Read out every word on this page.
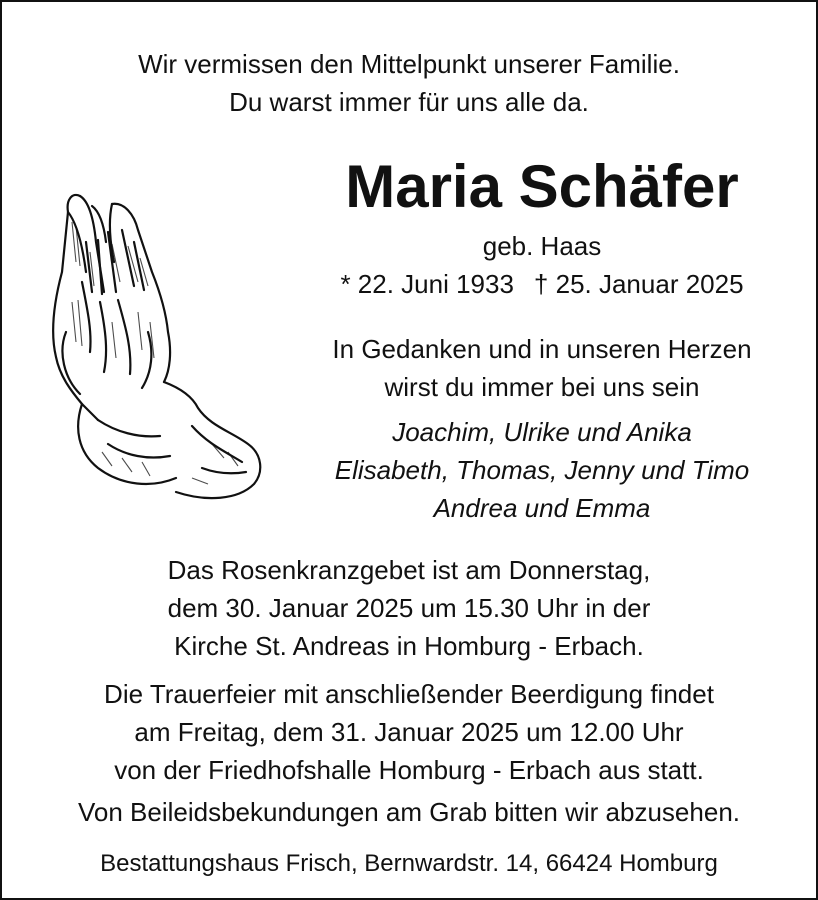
Wir vermissen den Mittelpunkt unserer Familie.
Du warst immer für uns alle da.
Maria Schäfer
geb. Haas
* 22. Juni 1933 † 25. Januar 2025
In Gedanken und in unseren Herzen
wirst du immer bei uns sein
Joachim, Ulrike und Anika
Elisabeth, Thomas, Jenny und Timo
Andrea und Emma
Das Rosenkranzgebet ist am Donnerstag,
dem 30. Januar 2025 um 15.30 Uhr in der
Kirche St. Andreas in Homburg - Erbach.
Die Trauerfeier mit anschließender Beerdigung findet
am Freitag, dem 31. Januar 2025 um 12.00 Uhr
von der Friedhofshalle Homburg - Erbach aus statt.
Von Beileidsbekundungen am Grab bitten wir abzusehen.
Bestattungshaus Frisch, Bernwardstr. 14, 66424 Homburg
